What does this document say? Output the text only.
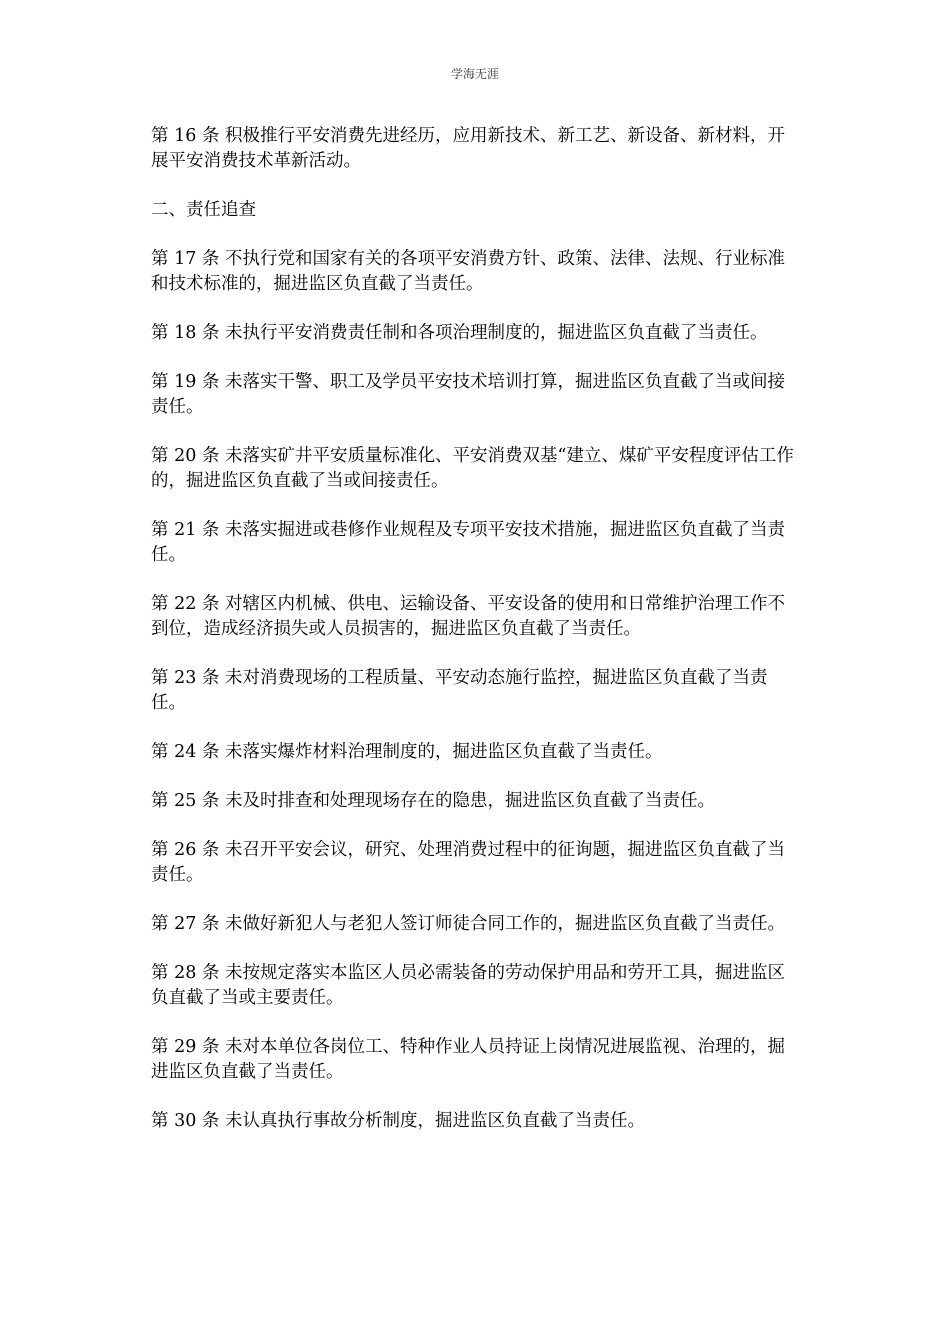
学海无涯

第 16 条 积极推行平安消费先进经历，应用新技术、新工艺、新设备、新材料，开展平安消费技术革新活动。

二、责任追查

第 17 条 不执行党和国家有关的各项平安消费方针、政策、法律、法规、行业标准和技术标准的，掘进监区负直截了当责任。

第 18 条 未执行平安消费责任制和各项治理制度的，掘进监区负直截了当责任。

第 19 条 未落实干警、职工及学员平安技术培训打算，掘进监区负直截了当或间接责任。

第 20 条 未落实矿井平安质量标准化、平安消费双基“建立、煤矿平安程度评估工作的，掘进监区负直截了当或间接责任。

第 21 条 未落实掘进或巷修作业规程及专项平安技术措施，掘进监区负直截了当责任。

第 22 条 对辖区内机械、供电、运输设备、平安设备的使用和日常维护治理工作不到位，造成经济损失或人员损害的，掘进监区负直截了当责任。

第 23 条 未对消费现场的工程质量、平安动态施行监控，掘进监区负直截了当责任。

第 24 条 未落实爆炸材料治理制度的，掘进监区负直截了当责任。

第 25 条 未及时排查和处理现场存在的隐患，掘进监区负直截了当责任。

第 26 条 未召开平安会议，研究、处理消费过程中的征询题，掘进监区负直截了当责任。

第 27 条 未做好新犯人与老犯人签订师徒合同工作的，掘进监区负直截了当责任。

第 28 条 未按规定落实本监区人员必需装备的劳动保护用品和劳开工具，掘进监区负直截了当或主要责任。

第 29 条 未对本单位各岗位工、特种作业人员持证上岗情况进展监视、治理的，掘进监区负直截了当责任。

第 30 条 未认真执行事故分析制度，掘进监区负直截了当责任。
